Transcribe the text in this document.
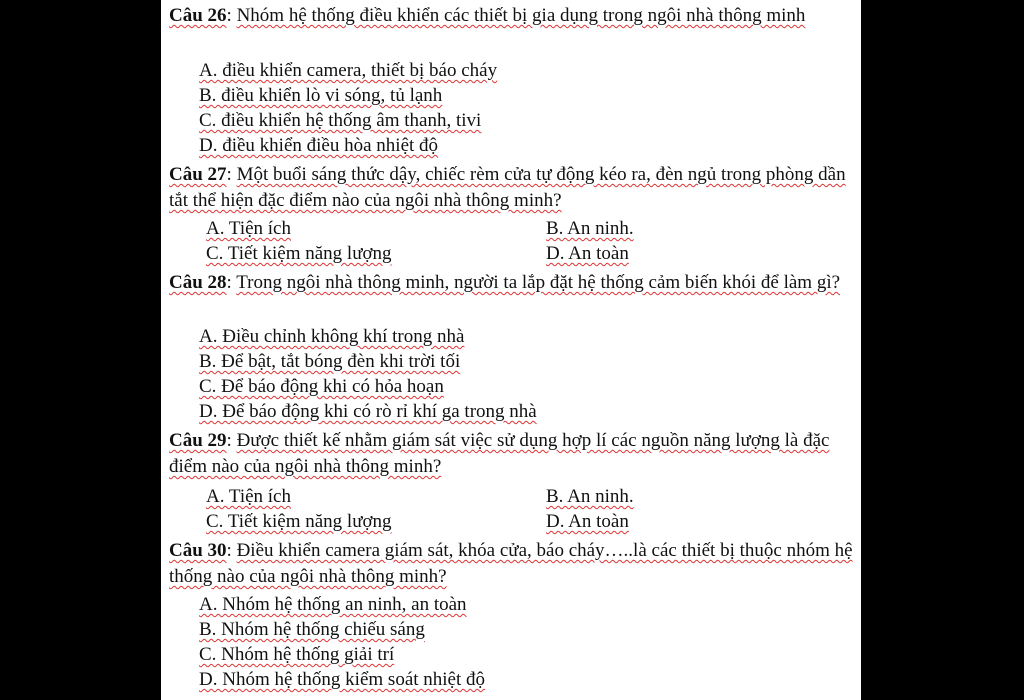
Câu 26: Nhóm hệ thống điều khiển các thiết bị gia dụng trong ngôi nhà thông minh
A. điều khiển camera, thiết bị báo cháy
B. điều khiển lò vi sóng, tủ lạnh
C. điều khiển hệ thống âm thanh, tivi
D. điều khiển điều hòa nhiệt độ
Câu 27: Một buổi sáng thức dậy, chiếc rèm cửa tự động kéo ra, đèn ngủ trong phòng dần tắt thể hiện đặc điểm nào của ngôi nhà thông minh?
A. Tiện ích	B. An ninh.
C. Tiết kiệm năng lượng	D. An toàn
Câu 28: Trong ngôi nhà thông minh, người ta lắp đặt hệ thống cảm biến khói để làm gì?
A. Điều chỉnh không khí trong nhà
B. Để bật, tắt bóng đèn khi trời tối
C. Để báo động khi có hỏa hoạn
D. Để báo động khi có rò rỉ khí ga trong nhà
Câu 29: Được thiết kế nhằm giám sát việc sử dụng hợp lí các nguồn năng lượng là đặc điểm nào của ngôi nhà thông minh?
A. Tiện ích	B. An ninh.
C. Tiết kiệm năng lượng	D. An toàn
Câu 30: Điều khiển camera giám sát, khóa cửa, báo cháy…..là các thiết bị thuộc nhóm hệ thống nào của ngôi nhà thông minh?
A. Nhóm hệ thống an ninh, an toàn
B. Nhóm hệ thống chiếu sáng
C. Nhóm hệ thống giải trí
D. Nhóm hệ thống kiểm soát nhiệt độ
